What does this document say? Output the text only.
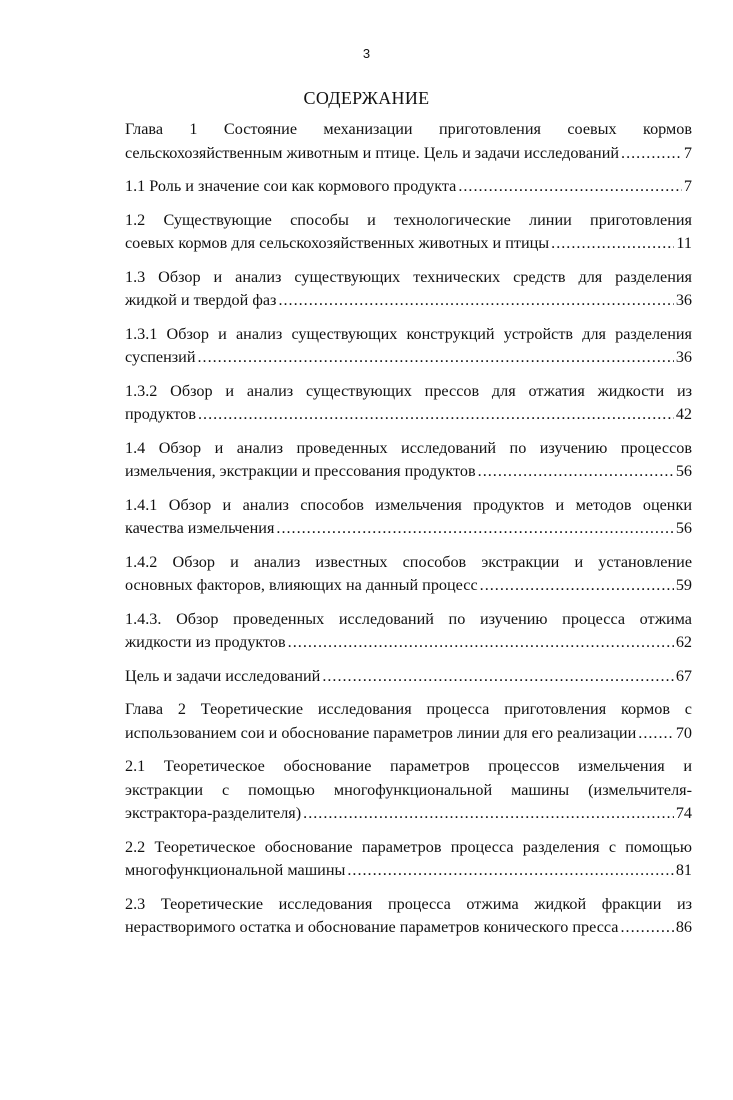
3
СОДЕРЖАНИЕ
Глава 1 Состояние механизации приготовления соевых кормов
сельскохозяйственным животным и птице. Цель и задачи исследований .....	7
1.1 Роль и значение сои как кормового продукта .....	7
1.2 Существующие способы и технологические линии приготовления
соевых кормов для сельскохозяйственных животных и птицы .....	11
1.3 Обзор и анализ существующих технических средств для разделения
жидкой и твердой фаз .....	36
1.3.1 Обзор и анализ существующих конструкций устройств для разделения
суспензий .....	36
1.3.2 Обзор и анализ существующих прессов для отжатия жидкости из
продуктов .....	42
1.4 Обзор и анализ проведенных исследований по изучению процессов
измельчения, экстракции и прессования продуктов .....	56
1.4.1 Обзор и анализ способов измельчения продуктов и методов оценки
качества измельчения .....	56
1.4.2 Обзор и анализ известных способов экстракции и установление
основных факторов, влияющих на данный процесс .....	59
1.4.3. Обзор проведенных исследований по изучению процесса отжима
жидкости из продуктов .....	62
Цель и задачи исследований .....	67
Глава 2 Теоретические исследования процесса приготовления кормов с
использованием сои и обоснование параметров линии для его реализации ..... 70
2.1 Теоретическое обоснование параметров процессов измельчения и
экстракции с помощью многофункциональной машины (измельчителя-
экстрактора-разделителя) .....	74
2.2 Теоретическое обоснование параметров процесса разделения с помощью
многофункциональной машины .....	81
2.3 Теоретические исследования процесса отжима жидкой фракции из
нерастворимого остатка и обоснование параметров конического пресса .....	86
